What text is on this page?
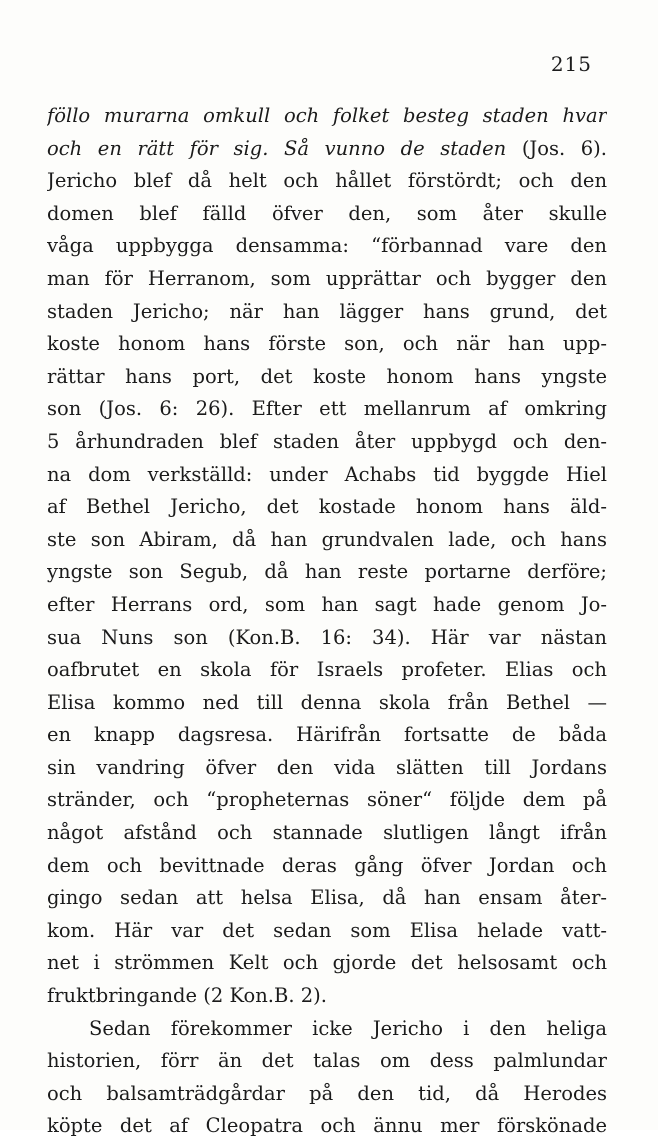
215
föllo murarna omkull och folket besteg staden hvar
och en rätt för sig. Så vunno de staden (Jos. 6).
Jericho blef då helt och hållet förstördt; och den
domen blef fälld öfver den, som åter skulle
våga uppbygga densamma: “förbannad vare den
man för Herranom, som upprättar och bygger den
staden Jericho; när han lägger hans grund, det
koste honom hans förste son, och när han upp-
rättar hans port, det koste honom hans yngste
son (Jos. 6: 26). Efter ett mellanrum af omkring
5 århundraden blef staden åter uppbygd och den-
na dom verkställd: under Achabs tid byggde Hiel
af Bethel Jericho, det kostade honom hans äld-
ste son Abiram, då han grundvalen lade, och hans
yngste son Segub, då han reste portarne derföre;
efter Herrans ord, som han sagt hade genom Jo-
sua Nuns son (Kon.B. 16: 34). Här var nästan
oafbrutet en skola för Israels profeter. Elias och
Elisa kommo ned till denna skola från Bethel —
en knapp dagsresa. Härifrån fortsatte de båda
sin vandring öfver den vida slätten till Jordans
stränder, och “propheternas söner“ följde dem på
något afstånd och stannade slutligen långt ifrån
dem och bevittnade deras gång öfver Jordan och
gingo sedan att helsa Elisa, då han ensam åter-
kom. Här var det sedan som Elisa helade vatt-
net i strömmen Kelt och gjorde det helsosamt och
fruktbringande (2 Kon.B. 2).
Sedan förekommer icke Jericho i den heliga
historien, förr än det talas om dess palmlundar
och balsamträdgårdar på den tid, då Herodes
köpte det af Cleopatra och ännu mer förskönade
